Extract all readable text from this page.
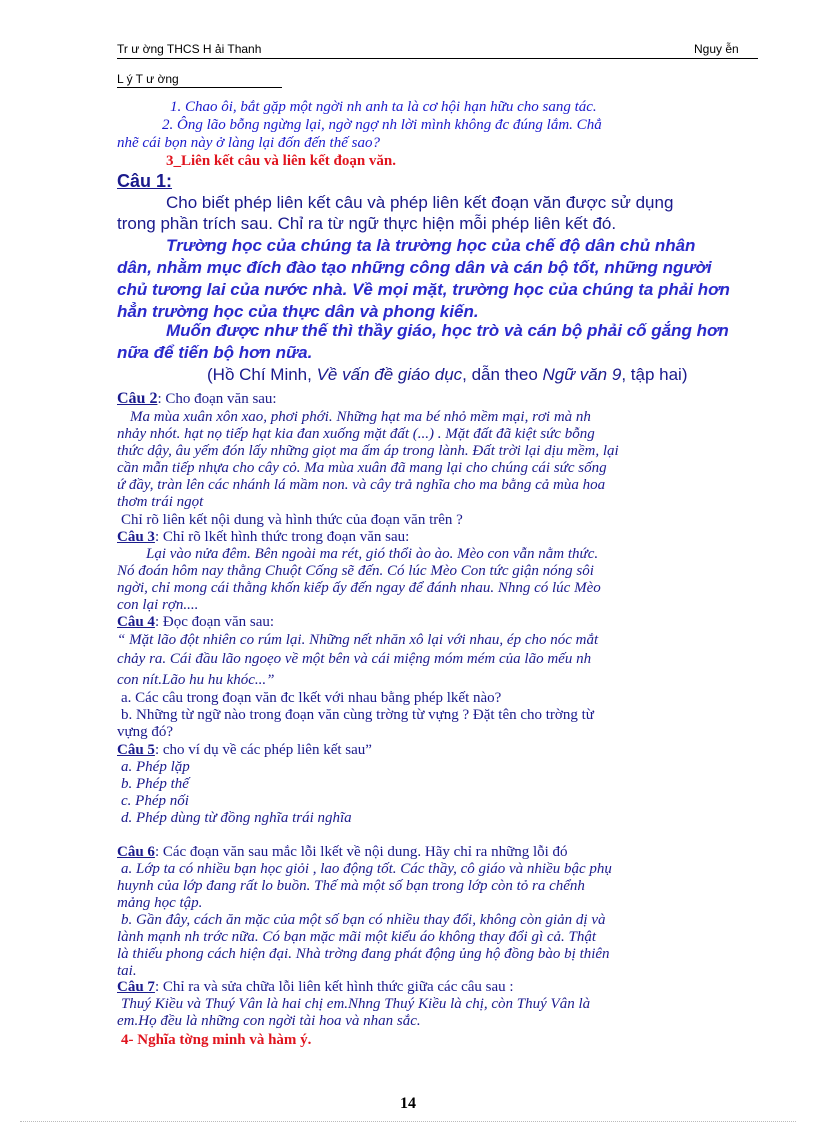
Tr ư ờng THCS H ải Thanh	Nguy ễn
L ý T ư ờng
1. Chao ôi, bắt gặp một ngời nh anh ta là cơ hội hạn hữu cho sang tác.
2. Ông lão bỗng ngừng lại, ngờ ngợ nh lời mình không đc đúng lắm. Chẳ
nhẽ cái bọn này ở làng lại đốn đến thế sao?
3_Liên kết câu và liên kết đoạn văn.
Câu 1:
Cho biết phép liên kết câu và phép liên kết đoạn văn được sử dụng
trong phần trích sau. Chỉ ra từ ngữ thực hiện mỗi phép liên kết đó.
Trường học của chúng ta là trường học của chế độ dân chủ nhân
dân, nhằm mục đích đào tạo những công dân và cán bộ tốt, những người
chủ tương lai của nước nhà. Về mọi mặt, trường học của chúng ta phải hơn
hẳn trường học của thực dân và phong kiến.
Muốn được như thế thì thầy giáo, học trò và cán bộ phải cố gắng hơn
nữa để tiến bộ hơn nữa.
(Hồ Chí Minh, Về vấn đề giáo dục, dẫn theo Ngữ văn 9, tập hai)
Câu 2: Cho đoạn văn sau:
Ma mùa xuân xôn xao, phơi phới. Những hạt ma bé nhỏ mềm mại, rơi mà nh
nhảy nhót. hạt nọ tiếp hạt kia đan xuống mặt đất (...) . Mặt đất đã kiệt sức bỗng
thức dậy, âu yếm đón lấy những giọt ma ấm áp trong lành. Đất trời lại dịu mềm, lại
cần mẫn tiếp nhựa cho cây cỏ. Ma mùa xuân đã mang lại cho chúng cái sức sống
ứ đầy, tràn lên các nhánh lá mầm non. và cây trả nghĩa cho ma bằng cả mùa hoa
thơm trái ngọt
Chỉ rõ liên kết nội dung và hình thức của đoạn văn trên ?
Câu 3: Chỉ rõ lkết hình thức trong đoạn văn sau:
Lại vào nửa đêm. Bên ngoài ma rét, gió thổi ào ào. Mèo con vẫn nằm thức.
Nó đoán hôm nay thằng Chuột Cống sẽ đến. Có lúc Mèo Con tức giận nóng sôi
ngời, chỉ mong cái thằng khốn kiếp ấy đến ngay để đánh nhau. Nhng có lúc Mèo
con lại rợn....
Câu 4: Đọc đoạn văn sau:
“ Mặt lão đột nhiên co rúm lại. Những nết nhăn xô lại với nhau, ép cho nóc mắt
chảy ra. Cái đầu lão ngoẹo về một bên và cái miệng móm mém của lão mếu nh
con nít.Lão hu hu khóc...”
a. Các câu trong đoạn văn đc lkết với nhau bằng phép lkết nào?
b. Những từ ngữ nào trong đoạn văn cùng trờng từ vựng ? Đặt tên cho trờng từ
vựng đó?
Câu 5: cho ví dụ về các phép liên kết sau”
a. Phép lặp
b. Phép thế
c. Phép nối
d. Phép dùng từ đồng nghĩa trái nghĩa
Câu 6: Các đoạn văn sau mắc lỗi lkết về nội dung. Hãy chỉ ra những lỗi đó
a. Lớp ta có nhiều bạn học giỏi , lao động tốt. Các thầy, cô giáo và nhiều bậc phụ
huynh của lớp đang rất lo buồn. Thế mà một số bạn trong lớp còn tỏ ra chểnh
mảng học tập.
b. Gần đây, cách ăn mặc của một số bạn có nhiều thay đổi, không còn giản dị và
lành mạnh nh trớc nữa. Có bạn mặc mãi một kiểu áo không thay đổi gì cả. Thật
là thiếu phong cách hiện đại. Nhà trờng đang phát động ủng hộ đồng bào bị thiên
tai.
Câu 7: Chỉ ra và sửa chữa lỗi liên kết hình thức giữa các câu sau :
Thuý Kiều và Thuý Vân là hai chị em.Nhng Thuý Kiều là chị, còn Thuý Vân là
em.Họ đều là những con ngời tài hoa và nhan sắc.
4- Nghĩa tờng minh và hàm ý.
14
